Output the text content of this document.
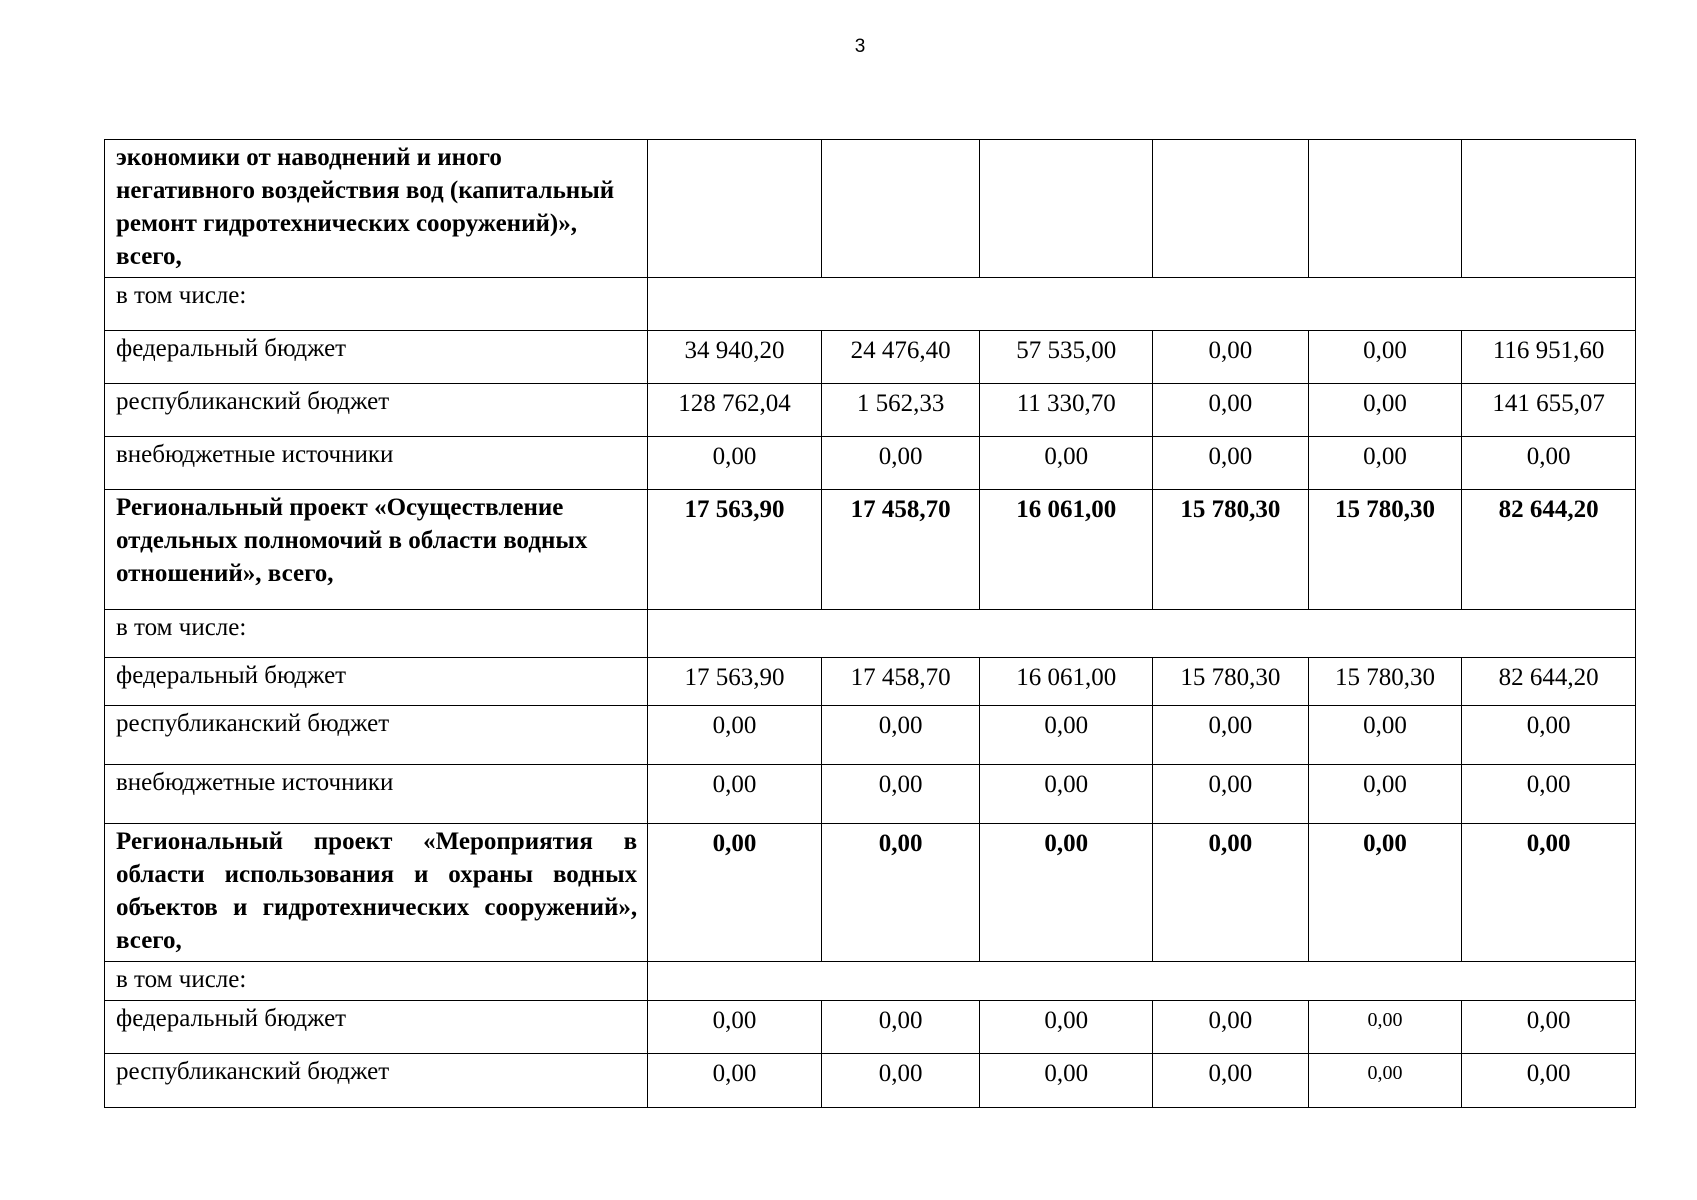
3
экономики от наводнений и иного негативного воздействия вод (капитальный ремонт гидротехнических сооружений)», всего,						
в том числе:						
федеральный бюджет	34 940,20	24 476,40	57 535,00	0,00	0,00	116 951,60
республиканский бюджет	128 762,04	1 562,33	11 330,70	0,00	0,00	141 655,07
внебюджетные источники	0,00	0,00	0,00	0,00	0,00	0,00
Региональный проект «Осуществление отдельных полномочий в области водных отношений», всего,	17 563,90	17 458,70	16 061,00	15 780,30	15 780,30	82 644,20
в том числе:						
федеральный бюджет	17 563,90	17 458,70	16 061,00	15 780,30	15 780,30	82 644,20
республиканский бюджет	0,00	0,00	0,00	0,00	0,00	0,00
внебюджетные источники	0,00	0,00	0,00	0,00	0,00	0,00
Региональный проект «Мероприятия в области использования и охраны водных объектов и гидротехнических сооружений», всего,	0,00	0,00	0,00	0,00	0,00	0,00
в том числе:						
федеральный бюджет	0,00	0,00	0,00	0,00	0,00	0,00
республиканский бюджет	0,00	0,00	0,00	0,00	0,00	0,00
